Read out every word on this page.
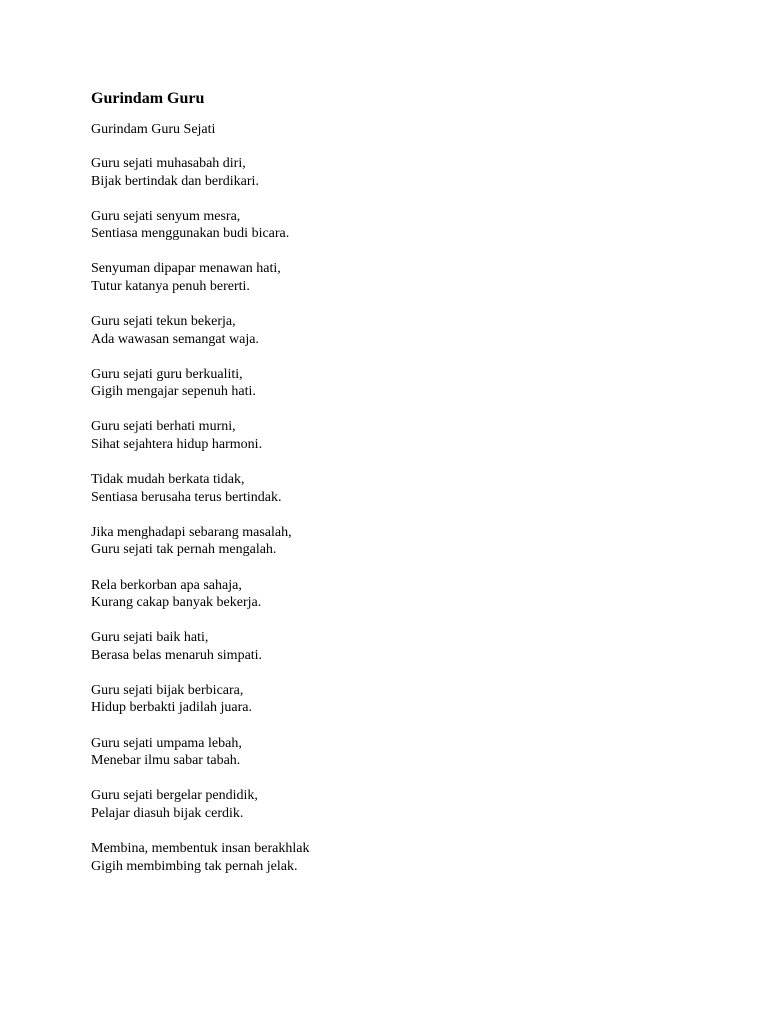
Gurindam Guru

Gurindam Guru Sejati

Guru sejati muhasabah diri,
Bijak bertindak dan berdikari.
Guru sejati senyum mesra,
Sentiasa menggunakan budi bicara.
Senyuman dipapar menawan hati,
Tutur katanya penuh bererti.
Guru sejati tekun bekerja,
Ada wawasan semangat waja.
Guru sejati guru berkualiti,
Gigih mengajar sepenuh hati.
Guru sejati berhati murni,
Sihat sejahtera hidup harmoni.
Tidak mudah berkata tidak,
Sentiasa berusaha terus bertindak.
Jika menghadapi sebarang masalah,
Guru sejati tak pernah mengalah.
Rela berkorban apa sahaja,
Kurang cakap banyak bekerja.
Guru sejati baik hati,
Berasa belas menaruh simpati.
Guru sejati bijak berbicara,
Hidup berbakti jadilah juara.
Guru sejati umpama lebah,
Menebar ilmu sabar tabah.
Guru sejati bergelar pendidik,
Pelajar diasuh bijak cerdik.
Membina, membentuk insan berakhlak
Gigih membimbing tak pernah jelak.
